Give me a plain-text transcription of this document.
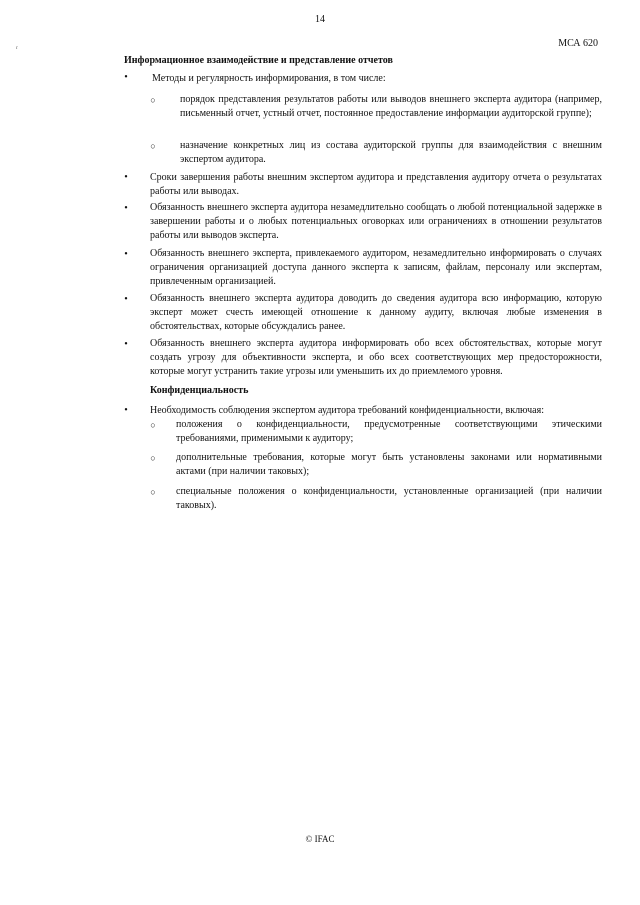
14
ᵣ	МСА 620
Информационное взаимодействие и представление отчетов
•	Методы и регулярность информирования, в том числе:
○ порядок представления результатов работы или выводов внешнего эксперта аудитора (например, письменный отчет, устный отчет, постоянное предоставление информации аудиторской группе);
○ назначение конкретных лиц из состава аудиторской группы для взаимодействия с внешним экспертом аудитора.
•	Сроки завершения работы внешним экспертом аудитора и представления аудитору отчета о результатах работы или выводах.
•	Обязанность внешнего эксперта аудитора незамедлительно сообщать о любой потенциальной задержке в завершении работы и о любых потенциальных оговорках или ограничениях в отношении результатов работы или выводов эксперта.
•	Обязанность внешнего эксперта, привлекаемого аудитором, незамедлительно информировать о случаях ограничения организацией доступа данного эксперта к записям, файлам, персоналу или экспертам, привлеченным организацией.
•	Обязанность внешнего эксперта аудитора доводить до сведения аудитора всю информацию, которую эксперт может счесть имеющей отношение к данному аудиту, включая любые изменения в обстоятельствах, которые обсуждались ранее.
•	Обязанность внешнего эксперта аудитора информировать обо всех обстоятельствах, которые могут создать угрозу для объективности эксперта, и обо всех соответствующих мер предосторожности, которые могут устранить такие угрозы или уменьшить их до приемлемого уровня.
Конфиденциальность
•	Необходимость соблюдения экспертом аудитора требований конфиденциальности, включая:
○ положения о конфиденциальности, предусмотренные соответствующими этическими требованиями, применимыми к аудитору;
○ дополнительные требования, которые могут быть установлены законами или нормативными актами (при наличии таковых);
○ специальные положения о конфиденциальности, установленные организацией (при наличии таковых).
© IFAC
